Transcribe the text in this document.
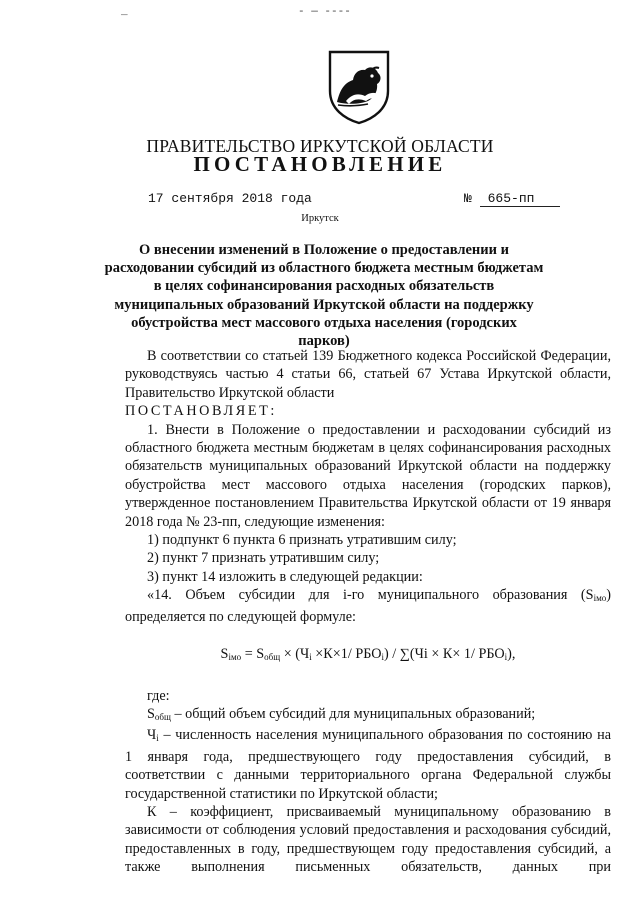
_	- — ----
ПРАВИТЕЛЬСТВО ИРКУТСКОЙ ОБЛАСТИ
ПОСТАНОВЛЕНИЕ
17 сентября 2018 года	№ 665-пп
Иркутск
О внесении изменений в Положение о предоставлении и расходовании субсидий из областного бюджета местным бюджетам в целях софинансирования расходных обязательств муниципальных образований Иркутской области на поддержку обустройства мест массового отдыха населения (городских парков)

В соответствии со статьей 139 Бюджетного кодекса Российской Федерации, руководствуясь частью 4 статьи 66, статьей 67 Устава Иркутской области, Правительство Иркутской области

ПОСТАНОВЛЯЕТ:

1. Внести в Положение о предоставлении и расходовании субсидий из областного бюджета местным бюджетам в целях софинансирования расходных обязательств муниципальных образований Иркутской области на поддержку обустройства мест массового отдыха населения (городских парков), утвержденное постановлением Правительства Иркутской области от 19 января 2018 года № 23-пп, следующие изменения:

1) подпункт 6 пункта 6 признать утратившим силу;

2) пункт 7 признать утратившим силу;

3) пункт 14 изложить в следующей редакции:

«14. Объем субсидии для i-го муниципального образования $(S_{iмо})$ определяется по следующей формуле:

$S_{iмо} = S_{общ} \times (Ч_i \times К\times 1/$ $РБО_i) / \sum(Чi \times К\times 1/$ $РБО_i$),

где:

$S_{общ}$ – общий объем субсидий для муниципальных образований;

$Ч_i$ – численность населения муниципального образования по состоянию на 1 января года, предшествующего году предоставления субсидий, в соответствии с данными территориального органа Федеральной службы государственной статистики по Иркутской области;

К – коэффициент, присваиваемый муниципальному образованию в зависимости от соблюдения условий предоставления и расходования субсидий, предоставленных в году, предшествующем году предоставления субсидий, а также выполнения письменных обязательств, данных при
